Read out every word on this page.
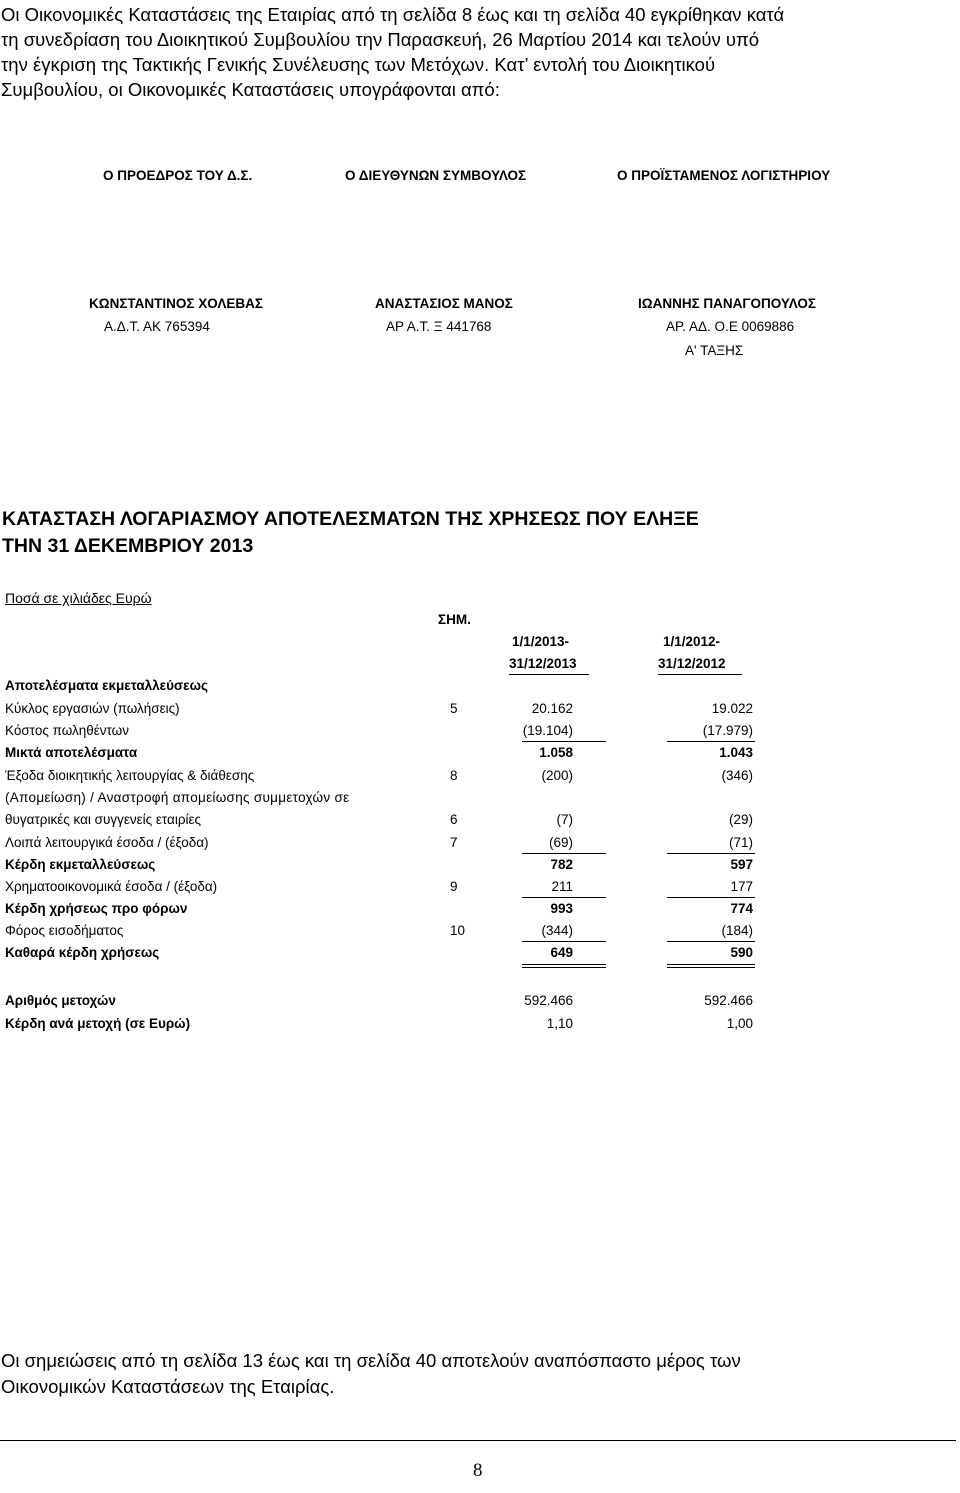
Οι Οικονομικές Καταστάσεις της Εταιρίας από τη σελίδα 8 έως και τη σελίδα 40 εγκρίθηκαν κατά
τη συνεδρίαση του Διοικητικού Συμβουλίου την Παρασκευή, 26 Μαρτίου 2014 και τελούν υπό
την έγκριση της Τακτικής Γενικής Συνέλευσης των Μετόχων. Κατ’ εντολή του Διοικητικού
Συμβουλίου, οι Οικονομικές Καταστάσεις υπογράφονται από:
Ο ΠΡΟΕΔΡΟΣ ΤΟΥ Δ.Σ.	Ο ΔΙΕΥΘΥΝΩΝ ΣΥΜΒΟΥΛΟΣ	Ο ΠΡΟΪΣΤΑΜΕΝΟΣ ΛΟΓΙΣΤΗΡΙΟΥ
ΚΩΝΣΤΑΝΤΙΝΟΣ ΧΟΛΕΒΑΣ	ΑΝΑΣΤΑΣΙΟΣ ΜΑΝΟΣ	ΙΩΑΝΝΗΣ ΠΑΝΑΓΟΠΟΥΛΟΣ
Α.Δ.Τ. ΑΚ 765394	ΑΡ Α.Τ. Ξ 441768	ΑΡ. ΑΔ. Ο.Ε 0069886
Α' ΤΑΞΗΣ
ΚΑΤΑΣΤΑΣΗ ΛΟΓΑΡΙΑΣΜΟΥ ΑΠΟΤΕΛΕΣΜΑΤΩΝ ΤΗΣ ΧΡΗΣΕΩΣ ΠΟΥ ΕΛΗΞΕ
ΤΗΝ 31 ΔΕΚΕΜΒΡΙΟΥ 2013
Ποσά σε χιλιάδες Ευρώ
ΣΗΜ.
1/1/2013-
31/12/2013
1/1/2012-
31/12/2012
Αποτελέσματα εκμεταλλεύσεως
Κύκλος εργασιών (πωλήσεις)	5	20.162	19.022
Κόστος πωληθέντων	(19.104)	(17.979)
Μικτά αποτελέσματα	1.058	1.043
Έξοδα διοικητικής λειτουργίας & διάθεσης	8	(200)	(346)
(Απομείωση) / Αναστροφή απομείωσης συμμετοχών σε
θυγατρικές και συγγενείς εταιρίες	6	(7)	(29)
Λοιπά λειτουργικά έσοδα / (έξοδα)	7	(69)	(71)
Κέρδη εκμεταλλεύσεως	782	597
Χρηματοοικονομικά έσοδα / (έξοδα)	9	211	177
Κέρδη χρήσεως προ φόρων	993	774
Φόρος εισοδήματος	10	(344)	(184)
Καθαρά κέρδη χρήσεως	649	590
Αριθμός μετοχών	592.466	592.466
Κέρδη ανά μετοχή (σε Ευρώ)	1,10	1,00
Οι σημειώσεις από τη σελίδα 13 έως και τη σελίδα 40 αποτελούν αναπόσπαστο μέρος των
Οικονομικών Καταστάσεων της Εταιρίας.
8
